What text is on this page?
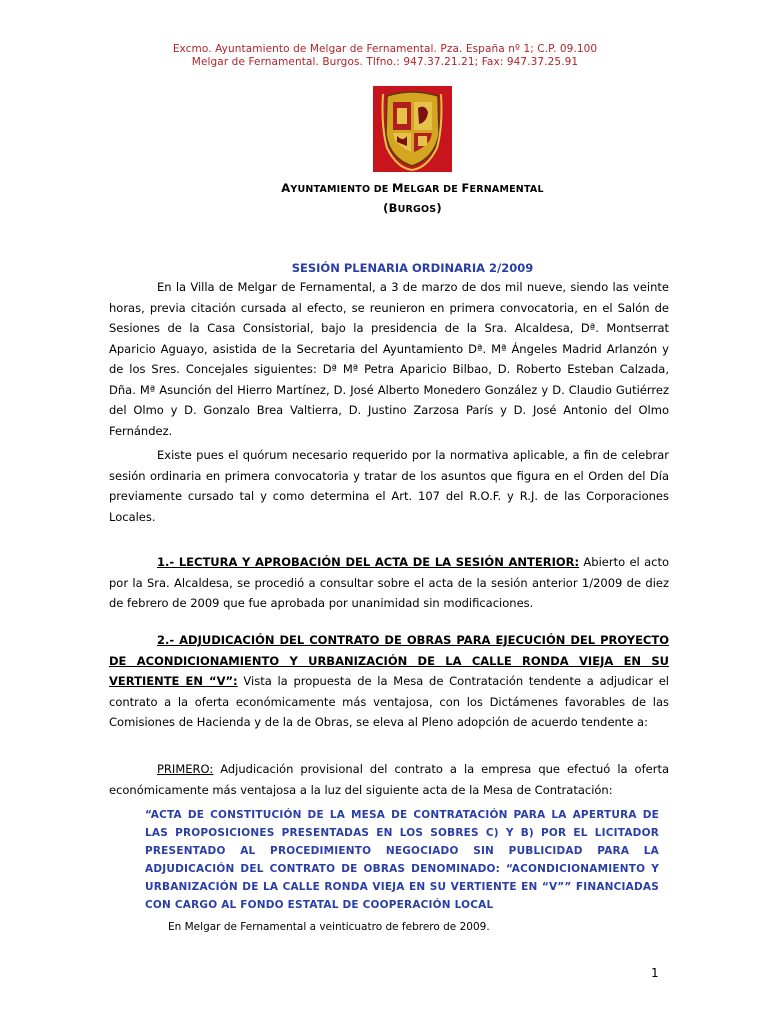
Excmo. Ayuntamiento de Melgar de Fernamental. Pza. España nº 1; C.P. 09.100
Melgar de Fernamental. Burgos. Tlfno.: 947.37.21.21; Fax: 947.37.25.91
AYUNTAMIENTO DE MELGAR DE FERNAMENTAL
(BURGOS)
SESIÓN PLENARIA ORDINARIA 2/2009

En la Villa de Melgar de Fernamental, a 3 de marzo de dos mil nueve, siendo las veinte horas, previa citación cursada al efecto, se reunieron en primera convocatoria, en el Salón de Sesiones de la Casa Consistorial, bajo la presidencia de la Sra. Alcaldesa, Dª. Montserrat Aparicio Aguayo, asistida de la Secretaria del Ayuntamiento Dª. Mª Ángeles Madrid Arlanzón y de los Sres. Concejales siguientes: Dª Mª Petra Aparicio Bilbao, D. Roberto Esteban Calzada, Dña. Mª Asunción del Hierro Martínez, D. José Alberto Monedero González y D. Claudio Gutiérrez del Olmo y D. Gonzalo Brea Valtierra, D. Justino Zarzosa París y D. José Antonio del Olmo Fernández.

Existe pues el quórum necesario requerido por la normativa aplicable, a fin de celebrar sesión ordinaria en primera convocatoria y tratar de los asuntos que figura en el Orden del Día previamente cursado tal y como determina el Art. 107 del R.O.F. y R.J. de las Corporaciones Locales.

1.- LECTURA Y APROBACIÓN DEL ACTA DE LA SESIÓN ANTERIOR: Abierto el acto por la Sra. Alcaldesa, se procedió a consultar sobre el acta de la sesión anterior 1/2009 de diez de febrero de 2009 que fue aprobada por unanimidad sin modificaciones.

2.- ADJUDICACIÓN DEL CONTRATO DE OBRAS PARA EJECUCIÓN DEL PROYECTO DE ACONDICIONAMIENTO Y URBANIZACIÓN DE LA CALLE RONDA VIEJA EN SU VERTIENTE EN “V”: Vista la propuesta de la Mesa de Contratación tendente a adjudicar el contrato a la oferta económicamente más ventajosa, con los Dictámenes favorables de las Comisiones de Hacienda y de la de Obras, se eleva al Pleno adopción de acuerdo tendente a:

PRIMERO: Adjudicación provisional del contrato a la empresa que efectuó la oferta económicamente más ventajosa a la luz del siguiente acta de la Mesa de Contratación:

“ACTA DE CONSTITUCIÓN DE LA MESA DE CONTRATACIÓN PARA LA APERTURA DE LAS PROPOSICIONES PRESENTADAS EN LOS SOBRES C) Y B) POR EL LICITADOR PRESENTADO AL PROCEDIMIENTO NEGOCIADO SIN PUBLICIDAD PARA LA ADJUDICACIÓN DEL CONTRATO DE OBRAS DENOMINADO: “ACONDICIONAMIENTO Y URBANIZACIÓN DE LA CALLE RONDA VIEJA EN SU VERTIENTE EN “V”” FINANCIADAS CON CARGO AL FONDO ESTATAL DE COOPERACIÓN LOCAL

En Melgar de Fernamental a veinticuatro de febrero de 2009.
1
